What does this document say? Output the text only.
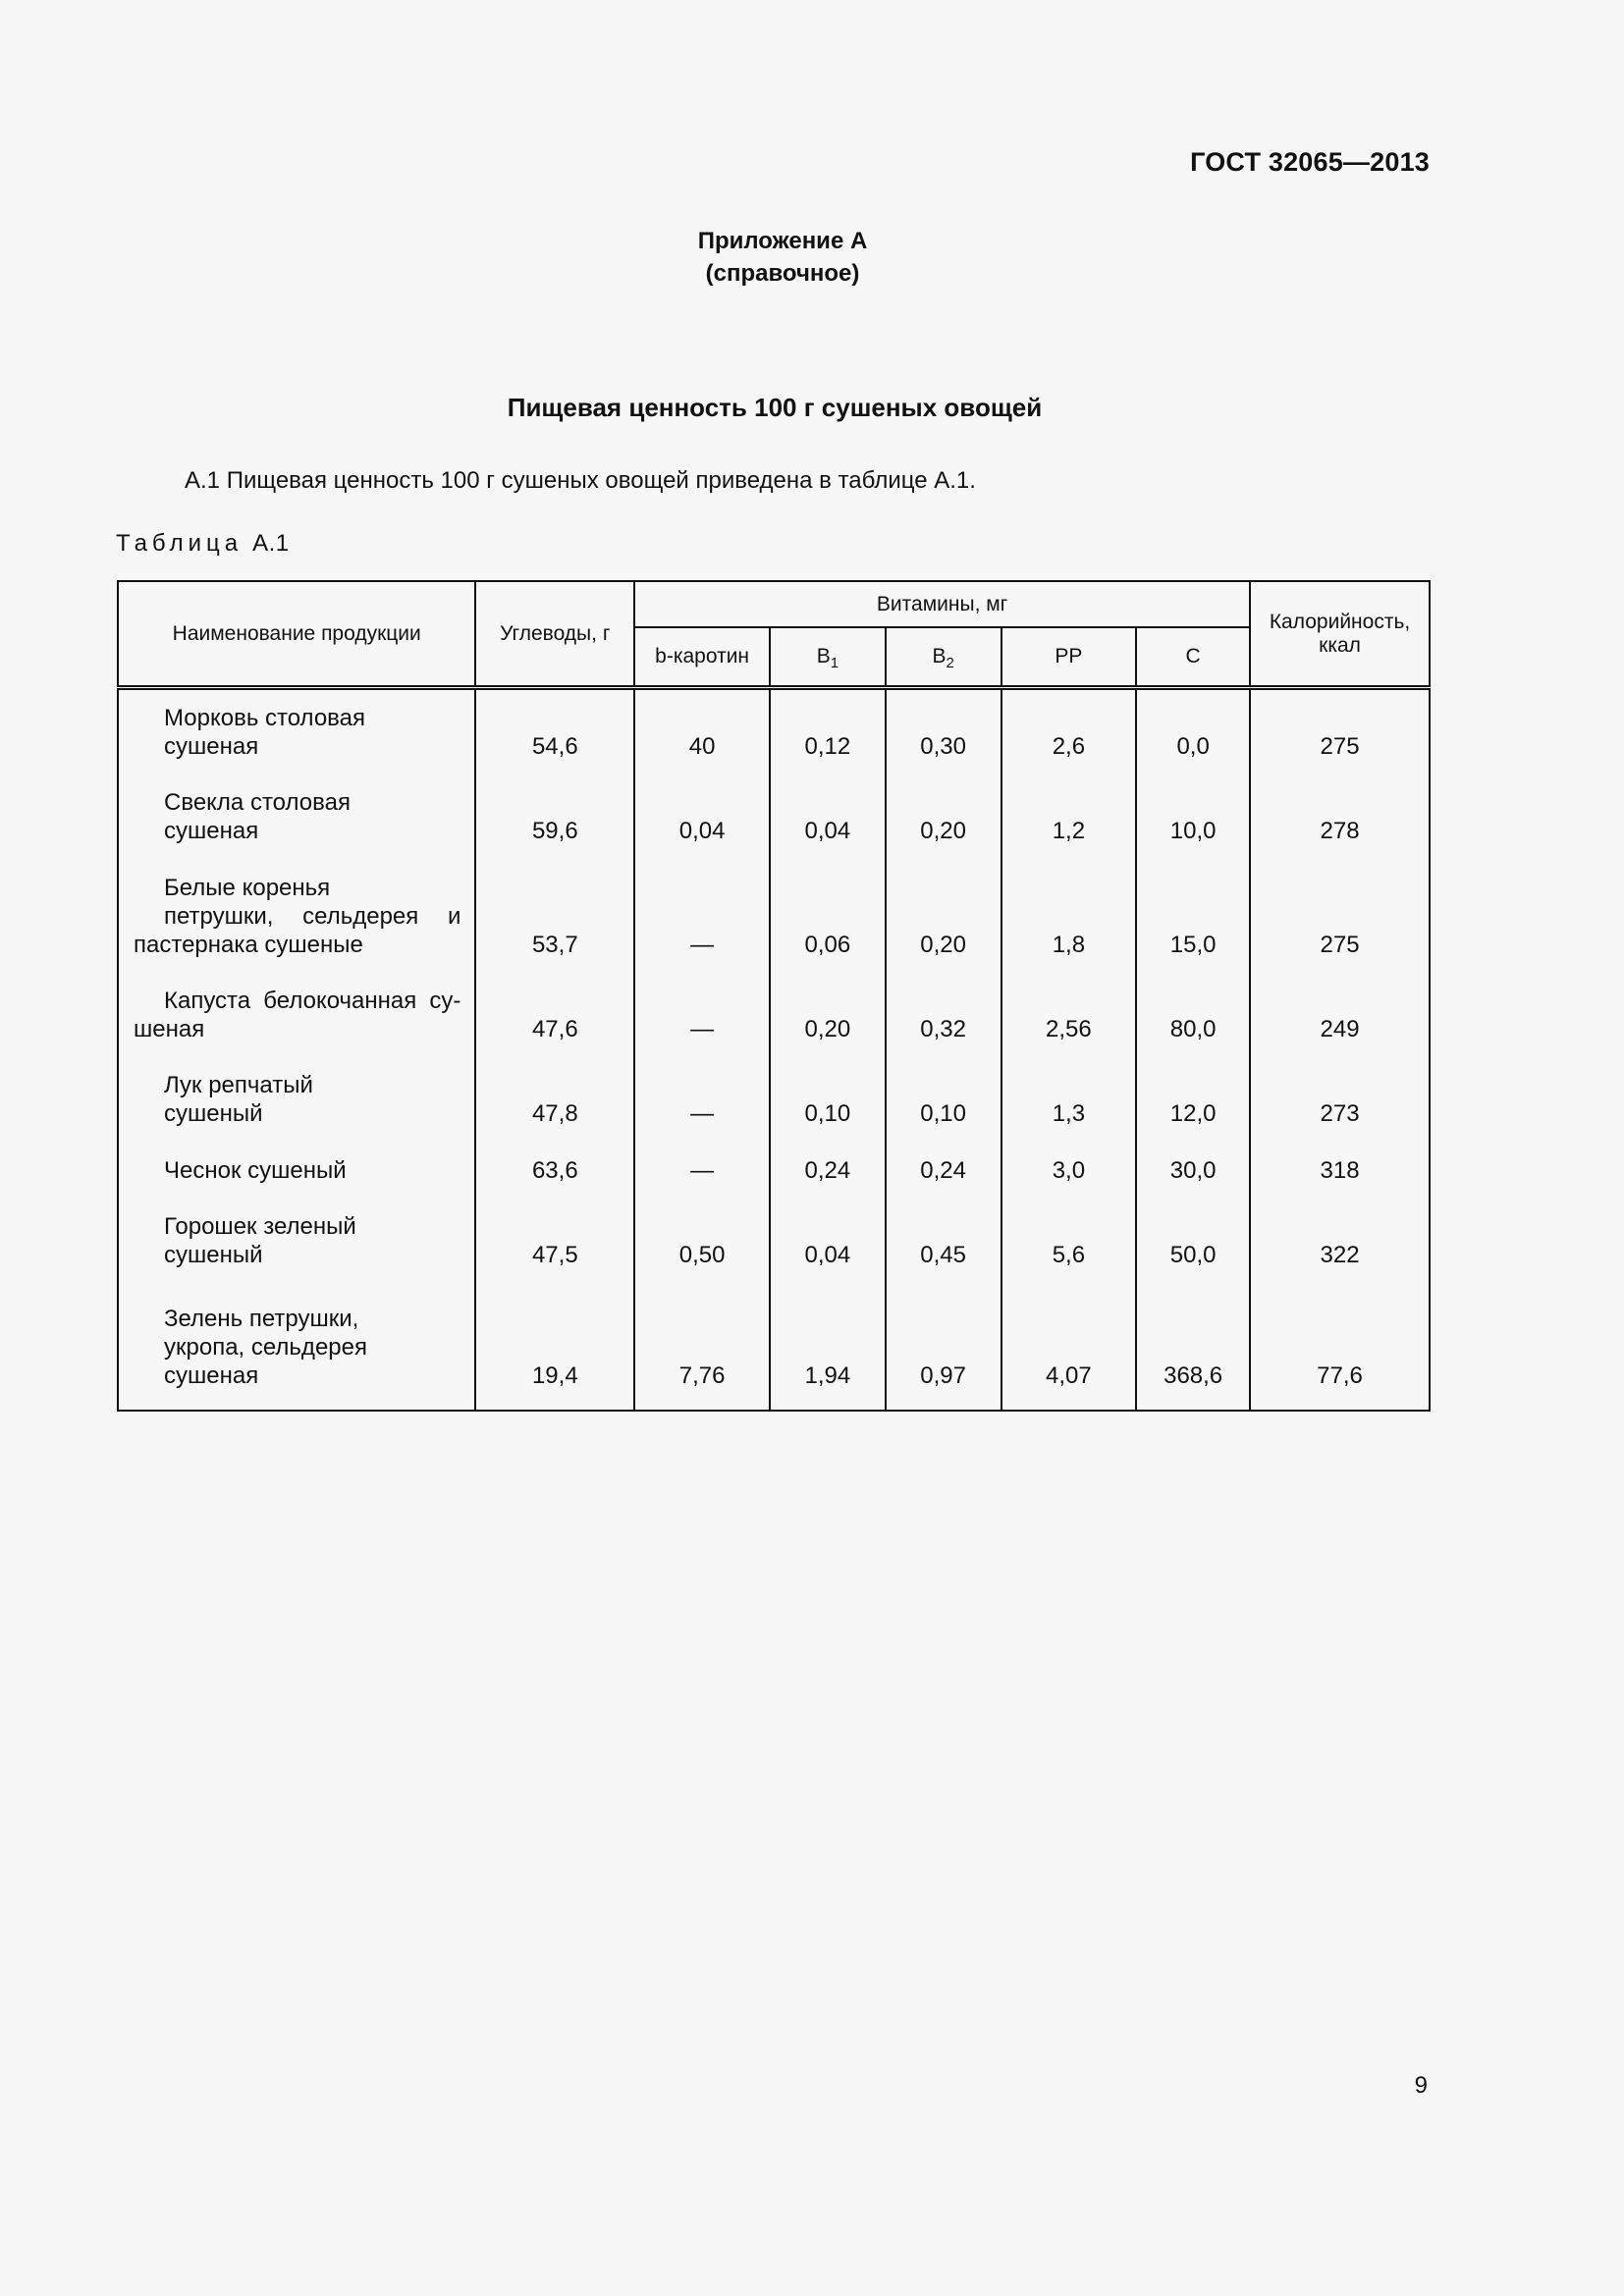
ГОСТ 32065—2013
Приложение А
(справочное)
Пищевая ценность 100 г сушеных овощей
А.1 Пищевая ценность 100 г сушеных овощей приведена в таблице А.1.
Таблица А.1
Наименование продукции	Углеводы, г	Витамины, мг					Калорийность,
ккал
		b-каротин	$B_1$	$B_2$	PP	C	

Морковь столовая
сушеная	54,6	40	0,12	0,30	2,6	0,0	275

Свекла столовая
сушеная	59,6	0,04	0,04	0,20	1,2	10,0	278

Белые коренья
петрушки, сельдерея и
пастернака сушеные	53,7	—	0,06	0,20	1,8	15,0	275

Капуста белокочанная су-
шеная	47,6	—	0,20	0,32	2,56	80,0	249

Лук репчатый
сушеный	47,8	—	0,10	0,10	1,3	12,0	273

Чеснок сушеный	63,6	—	0,24	0,24	3,0	30,0	318

Горошек зеленый
сушеный	47,5	0,50	0,04	0,45	5,6	50,0	322

Зелень петрушки,
укропа, сельдерея
сушеная	19,4	7,76	1,94	0,97	4,07	368,6	77,6
9
